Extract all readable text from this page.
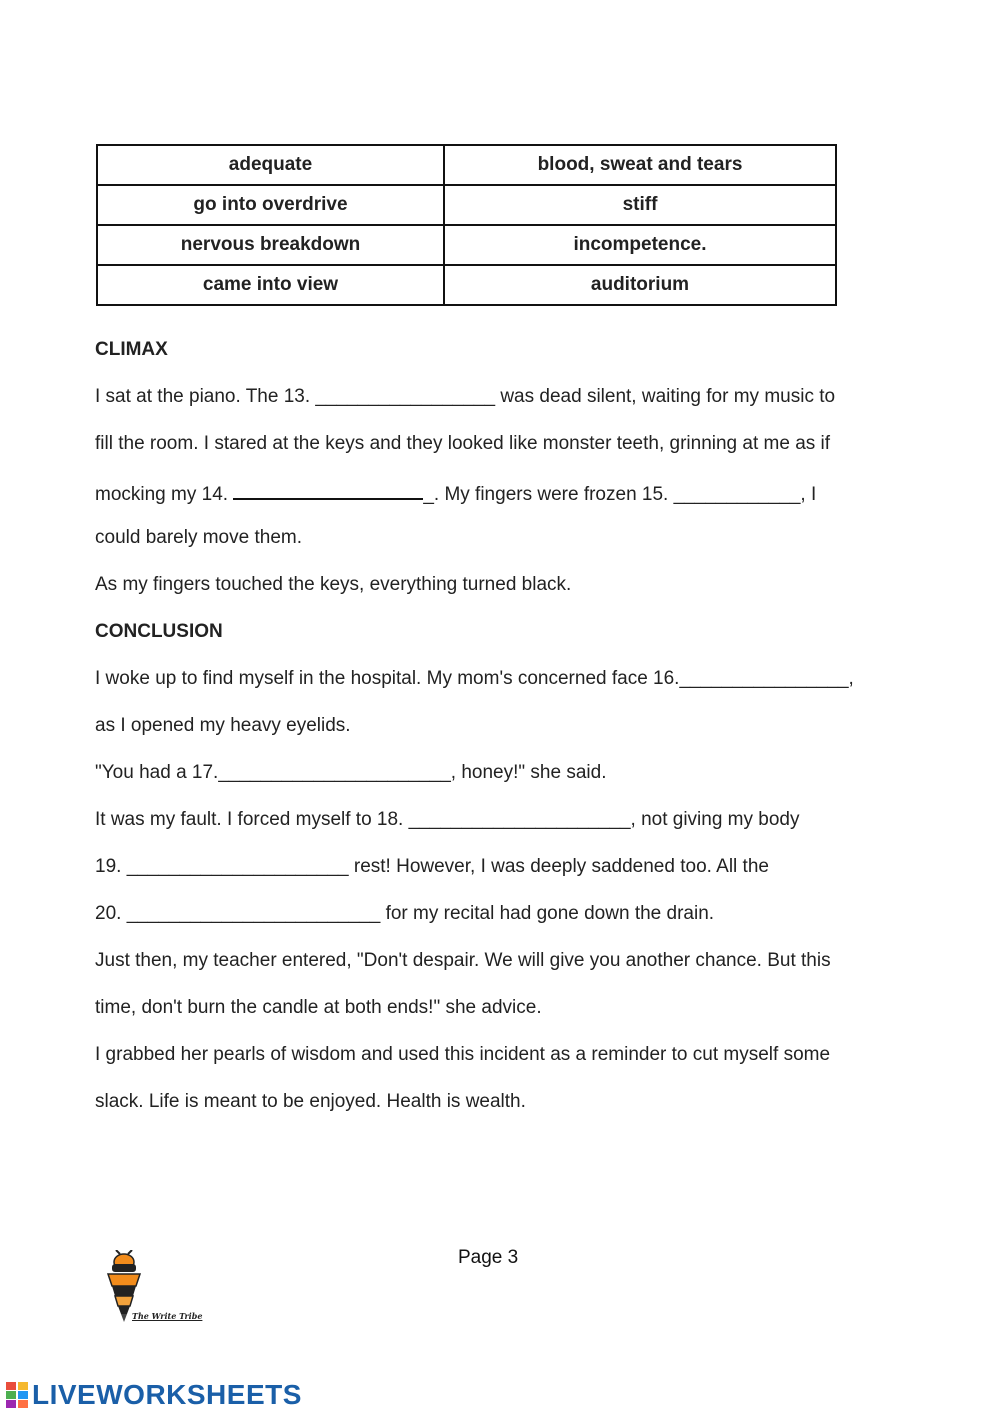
adequate	blood, sweat and tears
go into overdrive	stiff
nervous breakdown	incompetence.
came into view	auditorium
CLIMAX
I sat at the piano. The 13. _________________ was dead silent, waiting for my music to
fill the room. I stared at the keys and they looked like monster teeth, grinning at me as if
mocking my 14.	_. My fingers were frozen 15. ____________, I
could barely move them.
As my fingers touched the keys, everything turned black.
CONCLUSION
I woke up to find myself in the hospital. My mom's concerned face 16.________________,
as I opened my heavy eyelids.
"You had a 17.______________________, honey!" she said.
It was my fault. I forced myself to 18. _____________________, not giving my body
19. _____________________ rest! However, I was deeply saddened too. All the
20. ________________________ for my recital had gone down the drain.
Just then, my teacher entered, "Don't despair. We will give you another chance. But this
time, don't burn the candle at both ends!" she advice.
I grabbed her pearls of wisdom and used this incident as a reminder to cut myself some
slack. Life is meant to be enjoyed. Health is wealth.
The Write Tribe
Page 3
LIVEWORKSHEETS
